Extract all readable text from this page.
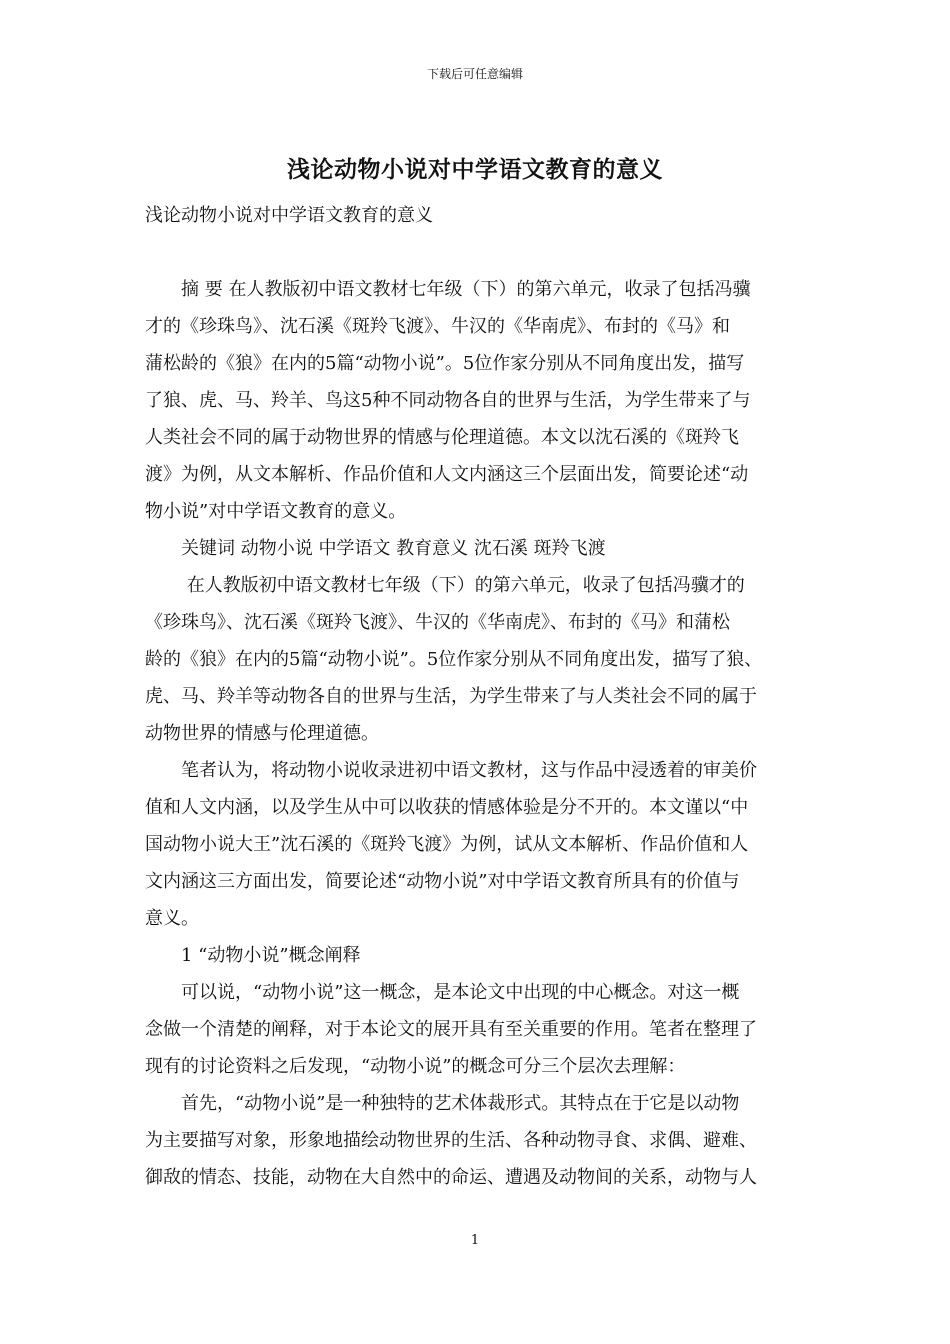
下载后可任意编辑
浅论动物小说对中学语文教育的意义
浅论动物小说对中学语文教育的意义
　　摘 要 在人教版初中语文教材七年级（下）的第六单元，收录了包括冯骥
才的《珍珠鸟》、沈石溪《斑羚飞渡》、牛汉的《华南虎》、布封的《马》和
蒲松龄的《狼》在内的5篇“动物小说”。5位作家分别从不同角度出发，描写
了狼、虎、马、羚羊、鸟这5种不同动物各自的世界与生活，为学生带来了与
人类社会不同的属于动物世界的情感与伦理道德。本文以沈石溪的《斑羚飞
渡》为例，从文本解析、作品价值和人文内涵这三个层面出发，简要论述“动
物小说”对中学语文教育的意义。
　　关键词 动物小说 中学语文 教育意义 沈石溪 斑羚飞渡
　　 在人教版初中语文教材七年级（下）的第六单元，收录了包括冯骥才的
《珍珠鸟》、沈石溪《斑羚飞渡》、牛汉的《华南虎》、布封的《马》和蒲松
龄的《狼》在内的5篇“动物小说”。5位作家分别从不同角度出发，描写了狼、
虎、马、羚羊等动物各自的世界与生活，为学生带来了与人类社会不同的属于
动物世界的情感与伦理道德。
　　笔者认为，将动物小说收录进初中语文教材，这与作品中浸透着的审美价
值和人文内涵，以及学生从中可以收获的情感体验是分不开的。本文谨以“中
国动物小说大王”沈石溪的《斑羚飞渡》为例，试从文本解析、作品价值和人
文内涵这三方面出发，简要论述“动物小说”对中学语文教育所具有的价值与
意义。
　　1 “动物小说”概念阐释
　　可以说，“动物小说”这一概念，是本论文中出现的中心概念。对这一概
念做一个清楚的阐释，对于本论文的展开具有至关重要的作用。笔者在整理了
现有的讨论资料之后发现，“动物小说”的概念可分三个层次去理解：
　　首先，“动物小说”是一种独特的艺术体裁形式。其特点在于它是以动物
为主要描写对象，形象地描绘动物世界的生活、各种动物寻食、求偶、避难、
御敌的情态、技能，动物在大自然中的命运、遭遇及动物间的关系，动物与人
1
